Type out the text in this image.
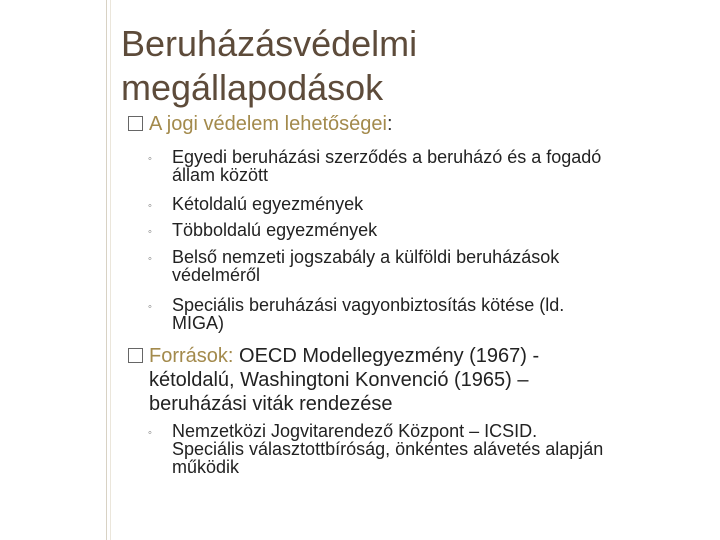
Beruházásvédelmi
megállapodások
A jogi védelem lehetőségei:
◦ Egyedi beruházási szerződés a beruházó és a fogadó
állam között
◦ Kétoldalú egyezmények
◦ Többoldalú egyezmények
◦ Belső nemzeti jogszabály a külföldi beruházások
védelméről
◦ Speciális beruházási vagyonbiztosítás kötése (ld.
MIGA)
Források: OECD Modellegyezmény (1967) -
kétoldalú, Washingtoni Konvenció (1965) –
beruházási viták rendezése
◦ Nemzetközi Jogvitarendező Központ – ICSID.
Speciális választottbíróság, önkéntes alávetés alapján
működik
